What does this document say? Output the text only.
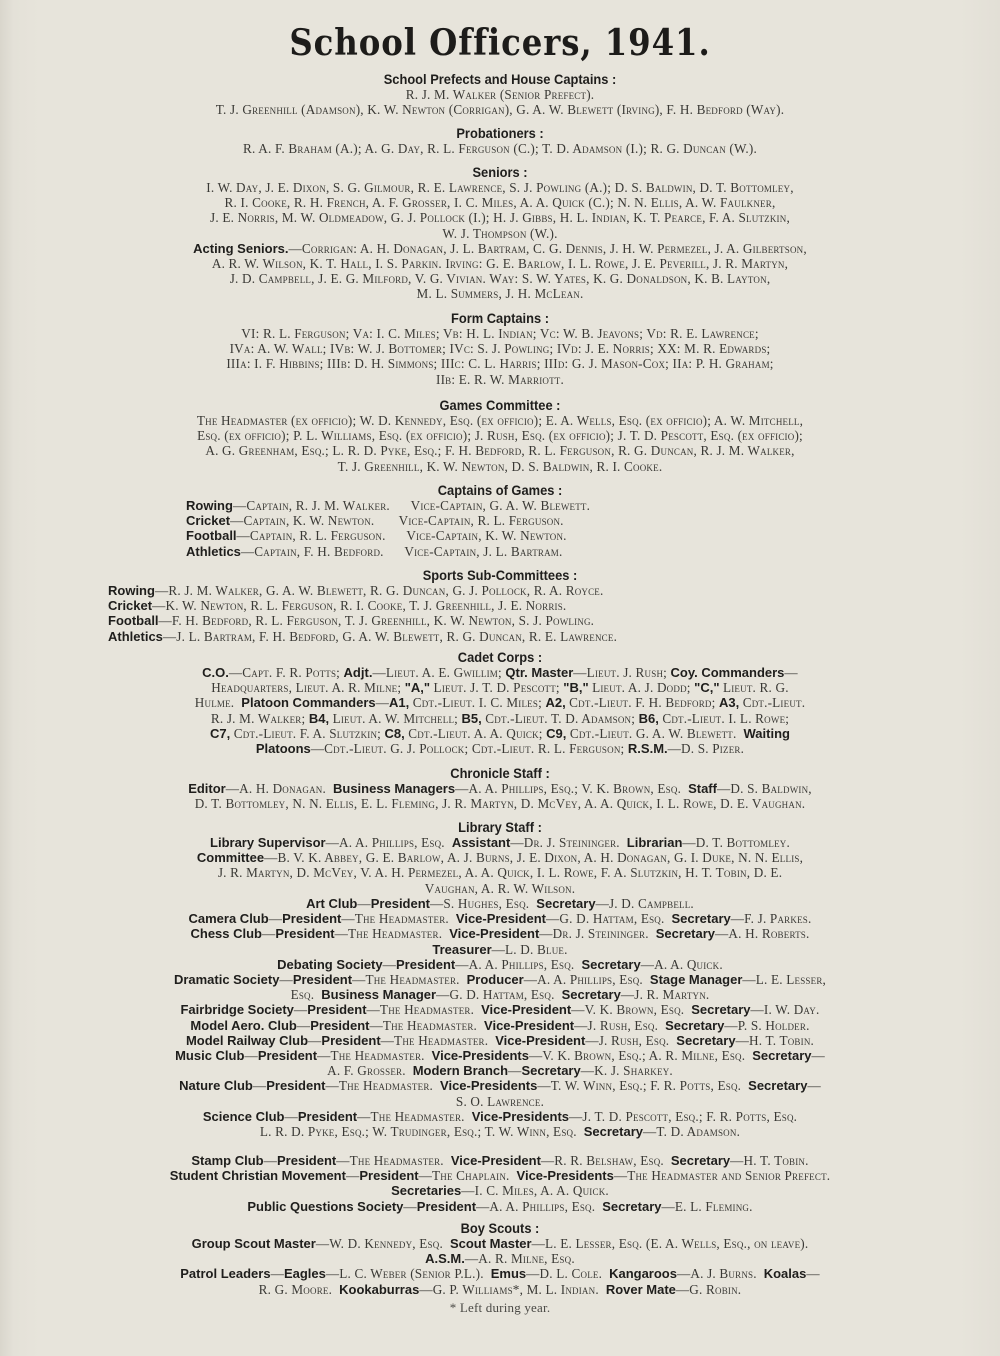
School Officers, 1941.
School Prefects and House Captains :
R. J. M. Walker (Senior Prefect).
T. J. Greenhill (Adamson), K. W. Newton (Corrigan), G. A. W. Blewett (Irving), F. H. Bedford (Way).
Probationers :
R. A. F. Braham (A.); A. G. Day, R. L. Ferguson (C.); T. D. Adamson (I.); R. G. Duncan (W.).
Seniors :
I. W. Day, J. E. Dixon, S. G. Gilmour, R. E. Lawrence, S. J. Powling (A.); D. S. Baldwin, D. T. Bottomley,
R. I. Cooke, R. H. French, A. F. Grosser, I. C. Miles, A. A. Quick (C.); N. N. Ellis, A. W. Faulkner,
J. E. Norris, M. W. Oldmeadow, G. J. Pollock (I.); H. J. Gibbs, H. L. Indian, K. T. Pearce, F. A. Slutzkin,
W. J. Thompson (W.).
Acting Seniors.—Corrigan: A. H. Donagan, J. L. Bartram, C. G. Dennis, J. H. W. Permezel, J. A. Gilbertson,
A. R. W. Wilson, K. T. Hall, I. S. Parkin. Irving: G. E. Barlow, I. L. Rowe, J. E. Peverill, J. R. Martyn,
J. D. Campbell, J. E. G. Milford, V. G. Vivian. Way: S. W. Yates, K. G. Donaldson, K. B. Layton,
M. L. Summers, J. H. McLean.
Form Captains :
VI: R. L. Ferguson; Va: I. C. Miles; Vb: H. L. Indian; Vc: W. B. Jeavons; Vd: R. E. Lawrence;
IVa: A. W. Wall; IVb: W. J. Bottomer; IVc: S. J. Powling; IVd: J. E. Norris; XX: M. R. Edwards;
IIIa: I. F. Hibbins; IIIb: D. H. Simmons; IIIc: C. L. Harris; IIId: G. J. Mason-Cox; IIa: P. H. Graham;
IIb: E. R. W. Marriott.
Games Committee :
The Headmaster (ex officio); W. D. Kennedy, Esq. (ex officio); E. A. Wells, Esq. (ex officio); A. W. Mitchell,
Esq. (ex officio); P. L. Williams, Esq. (ex officio); J. Rush, Esq. (ex officio); J. T. D. Pescott, Esq. (ex officio);
A. G. Greenham, Esq.; L. R. D. Pyke, Esq.; F. H. Bedford, R. L. Ferguson, R. G. Duncan, R. J. M. Walker,
T. J. Greenhill, K. W. Newton, D. S. Baldwin, R. I. Cooke.
Captains of Games :
Rowing—Captain, R. J. M. Walker.      Vice-Captain, G. A. W. Blewett.
Cricket—Captain, K. W. Newton.       Vice-Captain, R. L. Ferguson.
Football—Captain, R. L. Ferguson.      Vice-Captain, K. W. Newton.
Athletics—Captain, F. H. Bedford.      Vice-Captain, J. L. Bartram.
Sports Sub-Committees :
Rowing—R. J. M. Walker, G. A. W. Blewett, R. G. Duncan, G. J. Pollock, R. A. Royce.
Cricket—K. W. Newton, R. L. Ferguson, R. I. Cooke, T. J. Greenhill, J. E. Norris.
Football—F. H. Bedford, R. L. Ferguson, T. J. Greenhill, K. W. Newton, S. J. Powling.
Athletics—J. L. Bartram, F. H. Bedford, G. A. W. Blewett, R. G. Duncan, R. E. Lawrence.
Cadet Corps :
C.O.—Capt. F. R. Potts; Adjt.—Lieut. A. E. Gwillim; Qtr. Master—Lieut. J. Rush; Coy. Commanders—
Headquarters, Lieut. A. R. Milne; "A," Lieut. J. T. D. Pescott; "B," Lieut. A. J. Dodd; "C," Lieut. R. G.
Hulme.  Platoon Commanders—A1, Cdt.-Lieut. I. C. Miles; A2, Cdt.-Lieut. F. H. Bedford; A3, Cdt.-Lieut.
R. J. M. Walker; B4, Lieut. A. W. Mitchell; B5, Cdt.-Lieut. T. D. Adamson; B6, Cdt.-Lieut. I. L. Rowe;
C7, Cdt.-Lieut. F. A. Slutzkin; C8, Cdt.-Lieut. A. A. Quick; C9, Cdt.-Lieut. G. A. W. Blewett.  Waiting
Platoons—Cdt.-Lieut. G. J. Pollock; Cdt.-Lieut. R. L. Ferguson; R.S.M.—D. S. Pizer.
Chronicle Staff :
Editor—A. H. Donagan.  Business Managers—A. A. Phillips, Esq.; V. K. Brown, Esq.  Staff—D. S. Baldwin,
D. T. Bottomley, N. N. Ellis, E. L. Fleming, J. R. Martyn, D. McVey, A. A. Quick, I. L. Rowe, D. E. Vaughan.
Library Staff :
Library Supervisor—A. A. Phillips, Esq.  Assistant—Dr. J. Steininger.  Librarian—D. T. Bottomley.
Committee—B. V. K. Abbey, G. E. Barlow, A. J. Burns, J. E. Dixon, A. H. Donagan, G. I. Duke, N. N. Ellis,
J. R. Martyn, D. McVey, V. A. H. Permezel, A. A. Quick, I. L. Rowe, F. A. Slutzkin, H. T. Tobin, D. E.
Vaughan, A. R. W. Wilson.
Art Club—President—S. Hughes, Esq.  Secretary—J. D. Campbell.
Camera Club—President—The Headmaster.  Vice-President—G. D. Hattam, Esq.  Secretary—F. J. Parkes.
Chess Club—President—The Headmaster.  Vice-President—Dr. J. Steininger.  Secretary—A. H. Roberts.
Treasurer—L. D. Blue.
Debating Society—President—A. A. Phillips, Esq.  Secretary—A. A. Quick.
Dramatic Society—President—The Headmaster.  Producer—A. A. Phillips, Esq.  Stage Manager—L. E. Lesser,
Esq.  Business Manager—G. D. Hattam, Esq.  Secretary—J. R. Martyn.
Fairbridge Society—President—The Headmaster.  Vice-President—V. K. Brown, Esq.  Secretary—I. W. Day.
Model Aero. Club—President—The Headmaster.  Vice-President—J. Rush, Esq.  Secretary—P. S. Holder.
Model Railway Club—President—The Headmaster.  Vice-President—J. Rush, Esq.  Secretary—H. T. Tobin.
Music Club—President—The Headmaster.  Vice-Presidents—V. K. Brown, Esq.; A. R. Milne, Esq.  Secretary—
A. F. Grosser.  Modern Branch—Secretary—K. J. Sharkey.
Nature Club—President—The Headmaster.  Vice-Presidents—T. W. Winn, Esq.; F. R. Potts, Esq.  Secretary—
S. O. Lawrence.
Science Club—President—The Headmaster.  Vice-Presidents—J. T. D. Pescott, Esq.; F. R. Potts, Esq.
L. R. D. Pyke, Esq.; W. Trudinger, Esq.; T. W. Winn, Esq.  Secretary—T. D. Adamson.
Stamp Club—President—The Headmaster.  Vice-President—R. R. Belshaw, Esq.  Secretary—H. T. Tobin.
Student Christian Movement—President—The Chaplain.  Vice-Presidents—The Headmaster and Senior Prefect.
Secretaries—I. C. Miles, A. A. Quick.
Public Questions Society—President—A. A. Phillips, Esq.  Secretary—E. L. Fleming.
Boy Scouts :
Group Scout Master—W. D. Kennedy, Esq.  Scout Master—L. E. Lesser, Esq. (E. A. Wells, Esq., on leave).
A.S.M.—A. R. Milne, Esq.
Patrol Leaders—Eagles—L. C. Weber (Senior P.L.).  Emus—D. L. Cole.  Kangaroos—A. J. Burns.  Koalas—
R. G. Moore.  Kookaburras—G. P. Williams*, M. L. Indian.  Rover Mate—G. Robin.
* Left during year.
